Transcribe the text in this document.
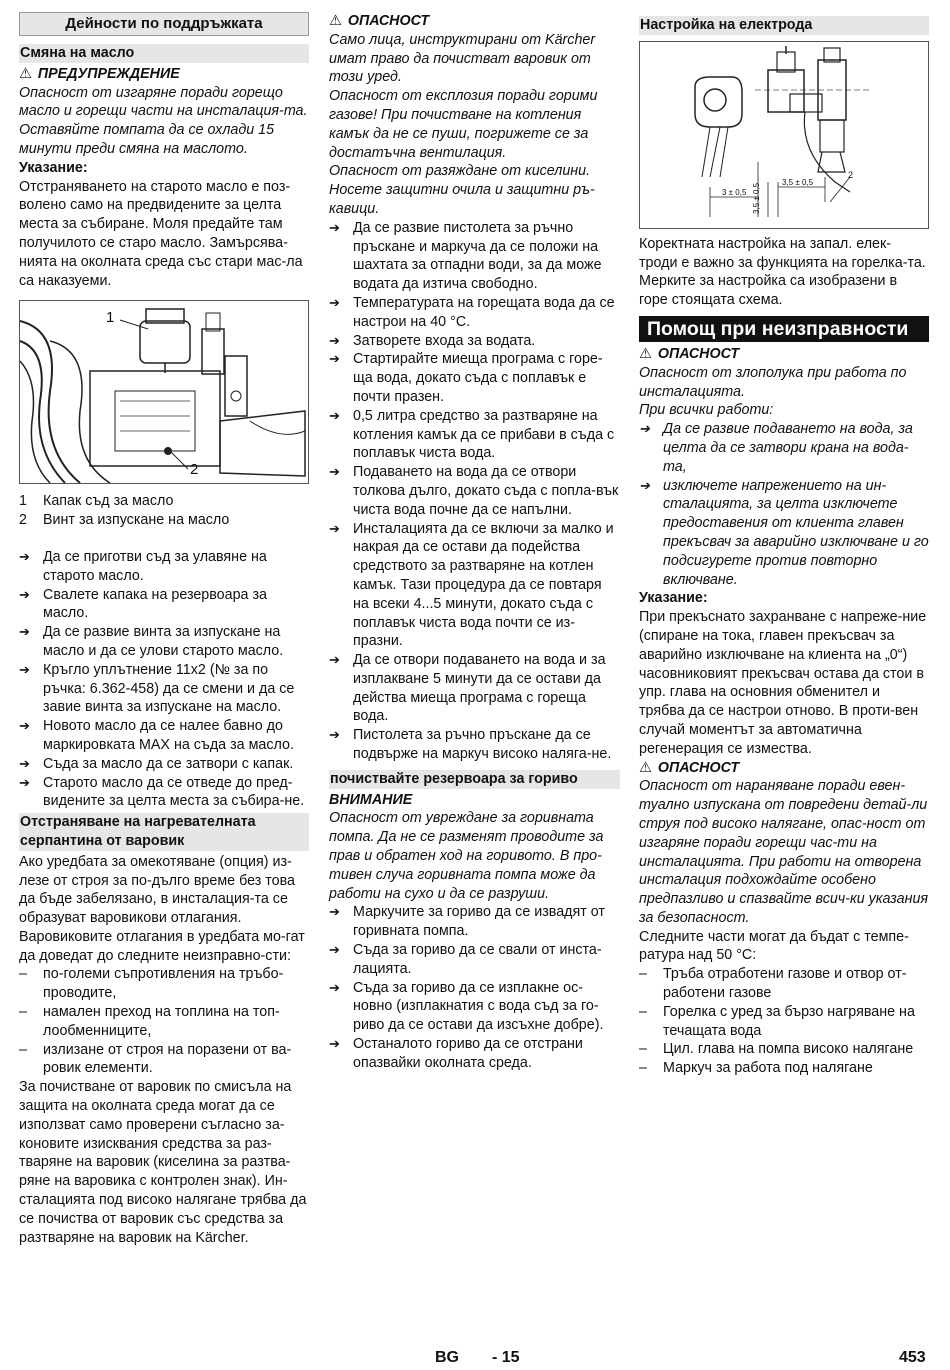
Дейности по поддръжката
Смяна на масло
⚠ ПРЕДУПРЕЖДЕНИЕ

Опасност от изгаряне поради горещо масло и горещи части на инсталация-та. Оставяйте помпата да се охлади 15 минути преди смяна на маслото.

Указание:

Отстраняването на старото масло е поз-волено само на предвидените за целта места за събиране. Моля предайте там получилото се старо масло. Замърсява-нията на околната среда със стари мас-ла са наказуеми.

1
2
1 Капак съд за масло
2 Винт за изпускане на масло
➔ Да се приготви съд за улавяне на старото масло.
➔ Свалете капака на резервоара за масло.
➔ Да се развие винта за изпускане на масло и да се улови старото масло.
➔ Кръгло уплътнение 11x2 (№ за по ръчка: 6.362-458) да се смени и да се завие винта за изпускане на масло.
➔ Новото масло да се налее бавно до маркировката MAX на съда за масло.
➔ Съда за масло да се затвори с капак.
➔ Старото масло да се отведе до пред-видените за целта места за събира-не.
Отстраняване на нагревателната серпантина от варовик

Ако уредбата за омекотяване (опция) из-лезе от строя за по-дълго време без това да бъде забелязано, в инсталация-та се образуват варовикови отлагания. Варовиковите отлагания в уредбата мо-гат да доведат до следните неизправно-сти:

– по-големи съпротивления на тръбо-проводите,
– намален преход на топлина на топ-лообменниците,
– излизане от строя на поразени от ва-ровик елементи.

За почистване от варовик по смисъла на защита на околната среда могат да се използват само проверени съгласно за-коновите изисквания средства за раз-тваряне на варовик (киселина за разтва-ряне на варовика с контролен знак). Ин-сталацията под високо налягане трябва да се почиства от варовик със средства за разтваряне на варовик на Kärcher.

⚠ ОПАСНОСТ

Само лица, инструктирани от Kärcher имат право да почистват варовик от този уред.

Опасност от експлозия поради горими газове! При почистване на котления камък да не се пуши, погрижете се за достатъчна вентилация.

Опасност от разяждане от киселини. Носете защитни очила и защитни ръ-кавици.

➔ Да се развие пистолета за ръчно пръскане и маркуча да се положи на шахтата за отпадни води, за да може водата да изтича свободно.
➔ Температурата на горещата вода да се настрои на 40 °C.
➔ Затворете входа за водата.
➔ Стартирайте миеща програма с горе-ща вода, докато съда с поплавък е почти празен.
➔ 0,5 литра средство за разтваряне на котления камък да се прибави в съда с поплавък чиста вода.
➔ Подаването на вода да се отвори толкова дълго, докато съда с попла-вък чиста вода почне да се напълни.
➔ Инсталацията да се включи за малко и накрая да се остави да подейства средството за разтваряне на котлен камък. Тази процедура да се повтаря на всеки 4...5 минути, докато съда с поплавък чиста вода почти се из-празни.
➔ Да се отвори подаването на вода и за изплакване 5 минути да се остави да действа миеща програма с гореща вода.
➔ Пистолета за ръчно пръскане да се подвърже на маркуч високо наляга-не.
почиствайте резервоара за гориво
ВНИМАНИЕ

Опасност от увреждане за горивната помпа. Да не се разменят проводите за прав и обратен ход на горивото. В про-тивен случа горивната помпа може да работи на сухо и да се разруши.

➔ Маркучите за гориво да се извадят от горивната помпа.
➔ Съда за гориво да се свали от инста-лацията.
➔ Съда за гориво да се изплакне ос-новно (изплакнатия с вода съд за го-риво да се остави да изсъхне добре).
➔ Останалото гориво да се отстрани опазвайки околната среда.
Настройка на електрода
3 ± 0,5
3,5 ± 0,5
3,5 ± 0,5
2

Коректната настройка на запал. елек-троди е важно за функцията на горелка-та. Мерките за настройка са изобразени в горе стоящата схема.

Помощ при неизправности
⚠ ОПАСНОСТ

Опасност от злополука при работа по инсталацията.

При всички работи:

➔ Да се развие подаването на вода, за целта да се затвори крана на вода-та,
➔ изключете напрежението на ин-сталацията, за целта изключете предоставения от клиента главен прекъсвач за аварийно изключване и го подсигурете против повторно включване.

Указание:

При прекъснато захранване с напреже-ние (спиране на тока, главен прекъсвач за аварийно изключване на клиента на „0“) часовниковият прекъсвач остава да стои в упр. глава на основния обменител и трябва да се настрои отново. В проти-вен случай моментът за автоматична регенерация се измества.

⚠ ОПАСНОСТ

Опасност от нараняване поради евен-туално изпускана от повредени детай-ли струя под високо налягане, опас-ност от изгаряне поради горещи час-ти на инсталацията. При работи на отворена инсталация подхождайте особено предпазливо и спазвайте всич-ки указания за безопасност.

Следните части могат да бъдат с темпе-ратура над 50 °C:

– Тръба отработени газове и отвор от-работени газове
– Горелка с уред за бързо нагряване на течащата вода
– Цил. глава на помпа високо налягане
– Маркуч за работа под налягане
BG - 15	453
